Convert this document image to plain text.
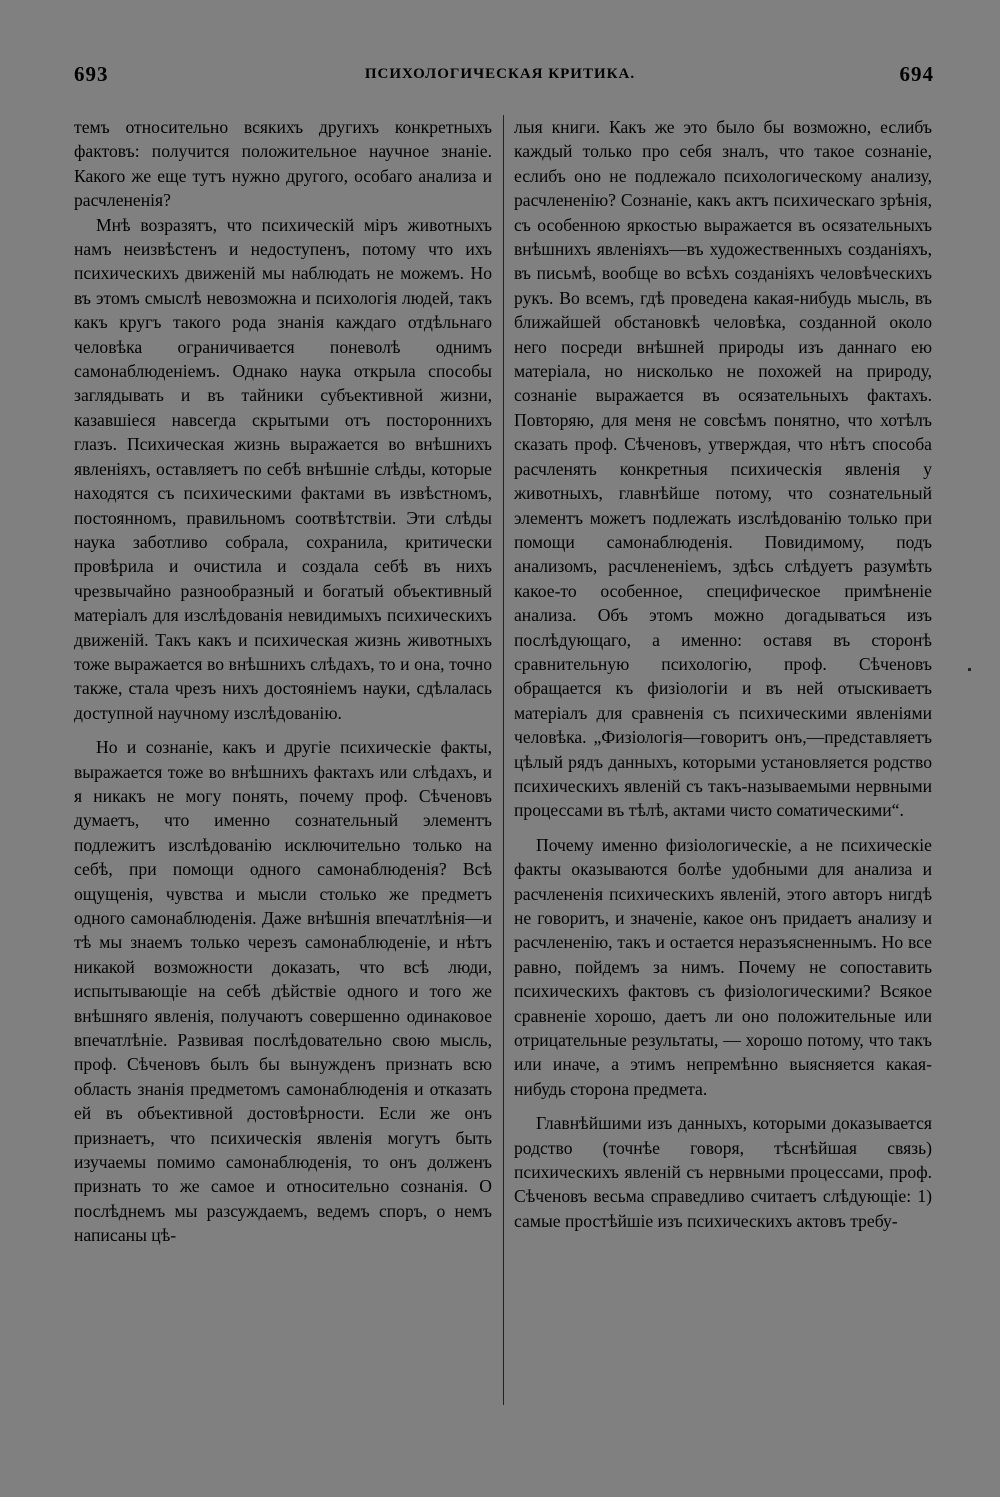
693	ПСИХОЛОГИЧЕСКАЯ КРИТИКА.	694

темъ относительно всякихъ другихъ конкретныхъ фактовъ: получится положительное научное знаніе. Какого же еще тутъ нужно другого, особаго анализа и расчлененія?

Мнѣ возразятъ, что психическій міръ животныхъ намъ неизвѣстенъ и недоступенъ, потому что ихъ психическихъ движеній мы наблюдать не можемъ. Но въ этомъ смыслѣ невозможна и психологія людей, такъ какъ кругъ такого рода знанія каждаго отдѣльнаго человѣка ограничивается поневолѣ однимъ самонаблюденіемъ. Однако наука открыла способы заглядывать и въ тайники субъективной жизни, казавшіеся навсегда скрытыми отъ постороннихъ глазъ. Психическая жизнь выражается во внѣшнихъ явленіяхъ, оставляетъ по себѣ внѣшніе слѣды, которые находятся съ психическими фактами въ извѣстномъ, постоянномъ, правильномъ соотвѣтствіи. Эти слѣды наука заботливо собрала, сохранила, критически провѣрила и очистила и создала себѣ въ нихъ чрезвычайно разнообразный и богатый объективный матеріалъ для изслѣдованія невидимыхъ психическихъ движеній. Такъ какъ и психическая жизнь животныхъ тоже выражается во внѣшнихъ слѣдахъ, то и она, точно также, стала чрезъ нихъ достояніемъ науки, сдѣлалась доступной научному изслѣдованію.

Но и сознаніе, какъ и другіе психическіе факты, выражается тоже во внѣшнихъ фактахъ или слѣдахъ, и я никакъ не могу понять, почему проф. Сѣченовъ думаетъ, что именно сознательный элементъ подлежитъ изслѣдованію исключительно только на себѣ, при помощи одного самонаблюденія? Всѣ ощущенія, чувства и мысли столько же предметъ одного самонаблюденія. Даже внѣшнія впечатлѣнія—и тѣ мы знаемъ только черезъ самонаблюденіе, и нѣтъ никакой возможности доказать, что всѣ люди, испытывающіе на себѣ дѣйствіе одного и того же внѣшняго явленія, получаютъ совершенно одинаковое впечатлѣніе. Развивая послѣдовательно свою мысль, проф. Сѣченовъ былъ бы вынужденъ признать всю область знанія предметомъ самонаблюденія и отказать ей въ объективной достовѣрности. Если же онъ признаетъ, что психическія явленія могутъ быть изучаемы помимо самонаблюденія, то онъ долженъ признать то же самое и относительно сознанія. О послѣднемъ мы разсуждаемъ, ведемъ споръ, о немъ написаны цѣ-

лыя книги. Какъ же это было бы возможно, еслибъ каждый только про себя зналъ, что такое сознаніе, еслибъ оно не подлежало психологическому анализу, расчлененію? Сознаніе, какъ актъ психическаго зрѣнія, съ особенною яркостью выражается въ осязательныхъ внѣшнихъ явленіяхъ—въ художественныхъ созданіяхъ, въ письмѣ, вообще во всѣхъ созданіяхъ человѣческихъ рукъ. Во всемъ, гдѣ проведена какая-нибудь мысль, въ ближайшей обстановкѣ человѣка, созданной около него посреди внѣшней природы изъ даннаго ею матеріала, но нисколько не похожей на природу, сознаніе выражается въ осязательныхъ фактахъ. Повторяю, для меня не совсѣмъ понятно, что хотѣлъ сказать проф. Сѣченовъ, утверждая, что нѣтъ способа расчленять конкретныя психическія явленія у животныхъ, главнѣйше потому, что сознательный элементъ можетъ подлежать изслѣдованію только при помощи самонаблюденія. Повидимому, подъ анализомъ, расчлененіемъ, здѣсь слѣдуетъ разумѣть какое-то особенное, специфическое примѣненіе анализа. Объ этомъ можно догадываться изъ послѣдующаго, а именно: оставя въ сторонѣ сравнительную психологію, проф. Сѣченовъ обращается къ физіологіи и въ ней отыскиваетъ матеріалъ для сравненія съ психическими явленіями человѣка. „Физіологія—говоритъ онъ,—представляетъ цѣлый рядъ данныхъ, которыми установляется родство психическихъ явленій съ такъ-называемыми нервными процессами въ тѣлѣ, актами чисто соматическими“.

Почему именно физіологическіе, а не психическіе факты оказываются болѣе удобными для анализа и расчлененія психическихъ явленій, этого авторъ нигдѣ не говоритъ, и значеніе, какое онъ придаетъ анализу и расчлененію, такъ и остается неразъясненнымъ. Но все равно, пойдемъ за нимъ. Почему не сопоставить психическихъ фактовъ съ физіологическими? Всякое сравненіе хорошо, даетъ ли оно положительные или отрицательные результаты, — хорошо потому, что такъ или иначе, а этимъ непремѣнно выясняется какая-нибудь сторона предмета.

Главнѣйшими изъ данныхъ, которыми доказывается родство (точнѣе говоря, тѣснѣйшая связь) психическихъ явленій съ нервными процессами, проф. Сѣченовъ весьма справедливо считаетъ слѣдующіе: 1) самые простѣйшіе изъ психическихъ актовъ требу-
